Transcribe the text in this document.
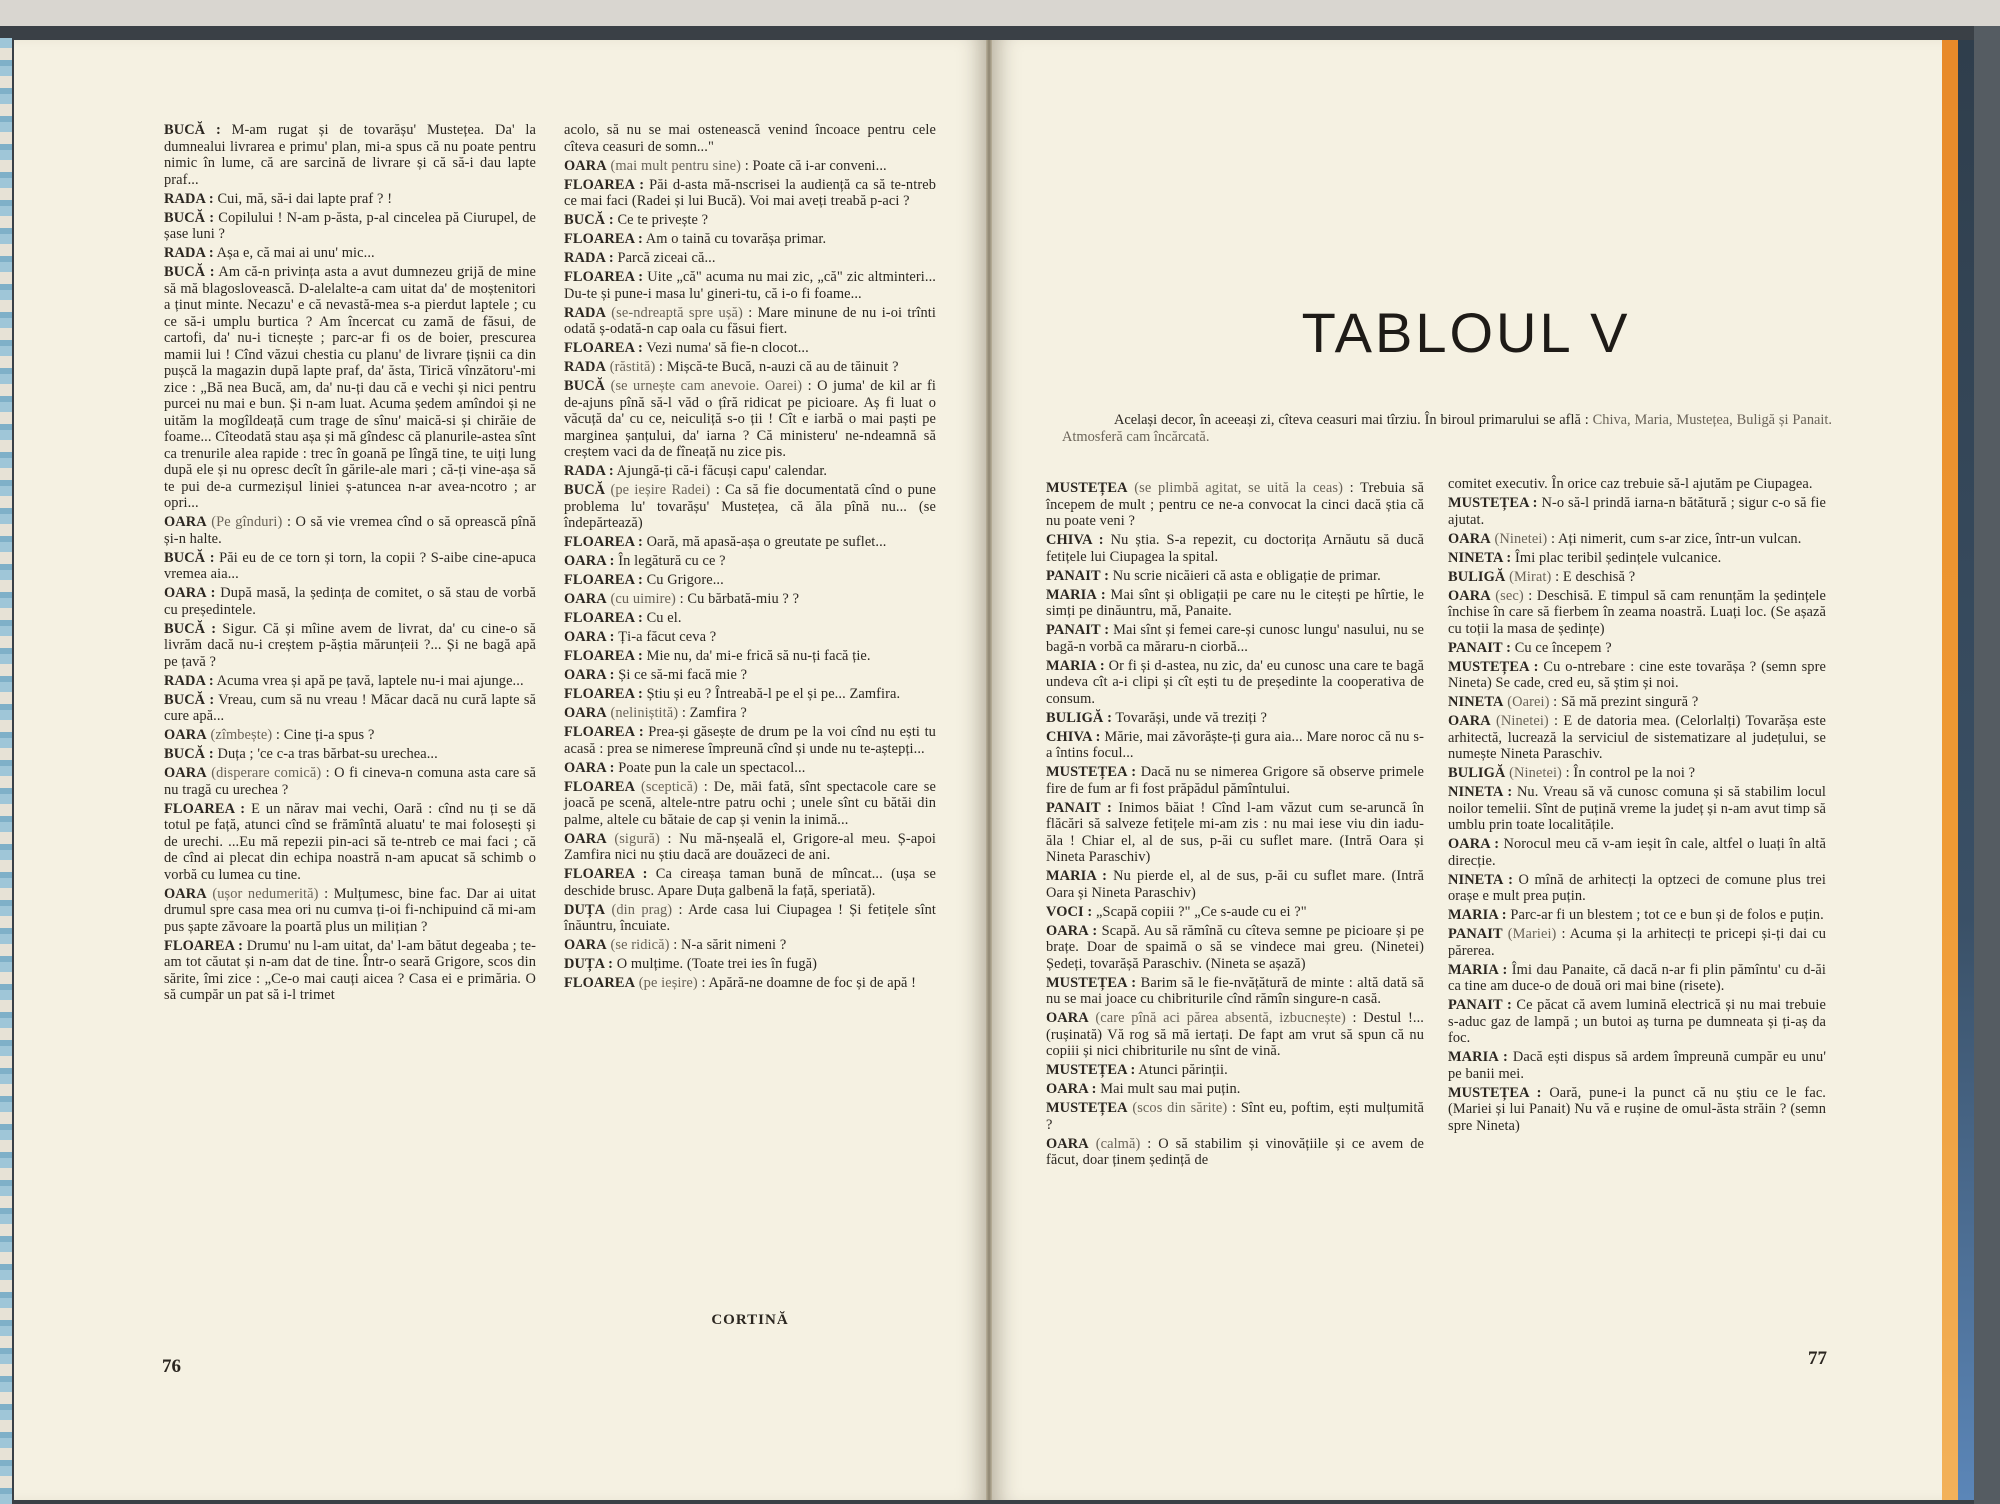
BUCĂ : M-am rugat și de tovarășu' Mustețea. Da' la dumnealui livrarea e primu' plan, mi-a spus că nu poate pentru nimic în lume, că are sarcină de livrare și că să-i dau lapte praf...
RADA : Cui, mă, să-i dai lapte praf ? !
BUCĂ : Copilului ! N-am p-ăsta, p-al cincelea pă Ciurupel, de șase luni ?
RADA : Așa e, că mai ai unu' mic...
BUCĂ : Am că-n privința asta a avut dumnezeu grijă de mine să mă blagoslovească. D-alelalte-a cam uitat da' de moștenitori a ținut minte. Necazu' e că nevastă-mea s-a pierdut laptele ; cu ce să-i umplu burtica ? Am încercat cu zamă de făsui, de cartofi, da' nu-i ticnește ; parc-ar fi os de boier, prescurea mamii lui ! Cînd văzui chestia cu planu' de livrare țișnii ca din pușcă la magazin după lapte praf, da' ăsta, Tirică vînzătoru'-mi zice : „Bă nea Bucă, am, da' nu-ți dau că e vechi și nici pentru purcei nu mai e bun. Și n-am luat. Acuma ședem amîndoi și ne uităm la mogîldeață cum trage de sînu' maică-si și chirăie de foame... Cîteodată stau așa și mă gîndesc că planurile-astea sînt ca trenurile alea rapide : trec în goană pe lîngă tine, te uiți lung după ele și nu opresc decît în gările-ale mari ; că-ți vine-așa să te pui de-a curmezișul liniei ș-atuncea n-ar avea-ncotro ; ar opri...
OARA (Pe gînduri) : O să vie vremea cînd o să oprească pînă și-n halte.
BUCĂ : Păi eu de ce torn și torn, la copii ? S-aibe cine-apuca vremea aia...
OARA : După masă, la ședința de comitet, o să stau de vorbă cu președintele.
BUCĂ : Sigur. Că și mîine avem de livrat, da' cu cine-o să livrăm dacă nu-i creștem p-ăștia mărunțeii ?... Și ne bagă apă pe țavă ?
RADA : Acuma vrea și apă pe țavă, laptele nu-i mai ajunge...
BUCĂ : Vreau, cum să nu vreau ! Măcar dacă nu cură lapte să cure apă...
OARA (zîmbește) : Cine ți-a spus ?
BUCĂ : Duța ; 'ce c-a tras bărbat-su urechea...
OARA (disperare comică) : O fi cineva-n comuna asta care să nu tragă cu urechea ?
FLOAREA : E un nărav mai vechi, Oară : cînd nu ți se dă totul pe față, atunci cînd se frămîntă aluatu' te mai folosești și de urechi. ...Eu mă repezii pin-aci să te-ntreb ce mai faci ; că de cînd ai plecat din echipa noastră n-am apucat să schimb o vorbă cu lumea cu tine.
OARA (ușor nedumerită) : Mulțumesc, bine fac. Dar ai uitat drumul spre casa mea ori nu cumva ți-oi fi-nchipuind că mi-am pus șapte zăvoare la poartă plus un milițian ?
FLOAREA : Drumu' nu l-am uitat, da' l-am bătut degeaba ; te-am tot căutat și n-am dat de tine. Într-o seară Grigore, scos din sărite, îmi zice : „Ce-o mai cauți aicea ? Casa ei e primăria. O să cumpăr un pat să i-l trimet
acolo, să nu se mai ostenească venind încoace pentru cele cîteva ceasuri de somn..."
OARA (mai mult pentru sine) : Poate că i-ar conveni...
FLOAREA : Păi d-asta mă-nscrisei la audiență ca să te-ntreb ce mai faci (Radei și lui Bucă). Voi mai aveți treabă p-aci ?
BUCĂ : Ce te privește ?
FLOAREA : Am o taină cu tovarășa primar.
RADA : Parcă ziceai că...
FLOAREA : Uite „că" acuma nu mai zic, „că" zic altminteri... Du-te și pune-i masa lu' gineri-tu, că i-o fi foame...
RADA (se-ndreaptă spre ușă) : Mare minune de nu i-oi trînti odată ș-odată-n cap oala cu făsui fiert.
FLOAREA : Vezi numa' să fie-n clocot...
RADA (răstită) : Mișcă-te Bucă, n-auzi că au de tăinuit ?
BUCĂ (se urnește cam anevoie. Oarei) : O juma' de kil ar fi de-ajuns pînă să-l văd o țîră ridicat pe picioare. Aș fi luat o văcuță da' cu ce, neiculiță s-o ții ! Cît e iarbă o mai paști pe marginea șanțului, da' iarna ? Că ministeru' ne-ndeamnă să creștem vaci da de fîneață nu zice pis.
RADA : Ajungă-ți că-i făcuși capu' calendar.
BUCĂ (pe ieșire Radei) : Ca să fie documentată cînd o pune problema lu' tovarășu' Mustețea, că ăla pînă nu... (se îndepărtează)
FLOAREA : Oară, mă apasă-așa o greutate pe suflet...
OARA : În legătură cu ce ?
FLOAREA : Cu Grigore...
OARA (cu uimire) : Cu bărbată-miu ? ?
FLOAREA : Cu el.
OARA : Ți-a făcut ceva ?
FLOAREA : Mie nu, da' mi-e frică să nu-ți facă ție.
OARA : Și ce să-mi facă mie ?
FLOAREA : Știu și eu ? Întreabă-l pe el și pe... Zamfira.
OARA (neliniștită) : Zamfira ?
FLOAREA : Prea-și găsește de drum pe la voi cînd nu ești tu acasă : prea se nimerese împreună cînd și unde nu te-aștepți...
OARA : Poate pun la cale un spectacol...
FLOAREA (sceptică) : De, măi fată, sînt spectacole care se joacă pe scenă, altele-ntre patru ochi ; unele sînt cu bătăi din palme, altele cu bătaie de cap și venin la inimă...
OARA (sigură) : Nu mă-nșeală el, Grigore-al meu. Ș-apoi Zamfira nici nu știu dacă are douăzeci de ani.
FLOAREA : Ca cireașa taman bună de mîncat... (ușa se deschide brusc. Apare Duța galbenă la față, speriată).
DUȚA (din prag) : Arde casa lui Ciupagea ! Și fetițele sînt înăuntru, încuiate.
OARA (se ridică) : N-a sărit nimeni ?
DUȚA : O mulțime. (Toate trei ies în fugă)
FLOAREA (pe ieșire) : Apără-ne doamne de foc și de apă !
CORTINĂ
76
TABLOUL V
Același decor, în aceeași zi, cîteva ceasuri mai tîrziu. În biroul primarului se află : Chiva, Maria, Mustețea, Buligă și Panait. Atmosferă cam încărcată.
MUSTEȚEA (se plimbă agitat, se uită la ceas) : Trebuia să începem de mult ; pentru ce ne-a convocat la cinci dacă știa că nu poate veni ?
CHIVA : Nu știa. S-a repezit, cu doctorița Arnăutu să ducă fetițele lui Ciupagea la spital.
PANAIT : Nu scrie nicăieri că asta e obligație de primar.
MARIA : Mai sînt și obligații pe care nu le citești pe hîrtie, le simți pe dinăuntru, mă, Panaite.
PANAIT : Mai sînt și femei care-și cunosc lungu' nasului, nu se bagă-n vorbă ca măraru-n ciorbă...
MARIA : Or fi și d-astea, nu zic, da' eu cunosc una care te bagă undeva cît a-i clipi și cît ești tu de președinte la cooperativa de consum.
BULIGĂ : Tovarăși, unde vă treziți ?
CHIVA : Mărie, mai zăvorăște-ți gura aia... Mare noroc că nu s-a întins focul...
MUSTEȚEA : Dacă nu se nimerea Grigore să observe primele fire de fum ar fi fost prăpădul pămîntului.
PANAIT : Inimos băiat ! Cînd l-am văzut cum se-aruncă în flăcări să salveze fetițele mi-am zis : nu mai iese viu din iadu-ăla ! Chiar el, al de sus, p-ăi cu suflet mare. (Intră Oara și Nineta Paraschiv)
MARIA : Nu pierde el, al de sus, p-ăi cu suflet mare. (Intră Oara și Nineta Paraschiv)
VOCI : „Scapă copiii ?" „Ce s-aude cu ei ?"
OARA : Scapă. Au să rămînă cu cîteva semne pe picioare și pe brațe. Doar de spaimă o să se vindece mai greu. (Ninetei) Ședeți, tovarășă Paraschiv. (Nineta se așază)
MUSTEȚEA : Barim să le fie-nvățătură de minte : altă dată să nu se mai joace cu chibriturile cînd rămîn singure-n casă.
OARA (care pînă aci părea absentă, izbucnește) : Destul !... (rușinată) Vă rog să mă iertați. De fapt am vrut să spun că nu copiii și nici chibriturile nu sînt de vină.
MUSTEȚEA : Atunci părinții.
OARA : Mai mult sau mai puțin.
MUSTEȚEA (scos din sărite) : Sînt eu, poftim, ești mulțumită ?
OARA (calmă) : O să stabilim și vinovățiile și ce avem de făcut, doar ținem ședință de
comitet executiv. În orice caz trebuie să-l ajutăm pe Ciupagea.
MUSTEȚEA : N-o să-l prindă iarna-n bătătură ; sigur c-o să fie ajutat.
OARA (Ninetei) : Ați nimerit, cum s-ar zice, într-un vulcan.
NINETA : Îmi plac teribil ședințele vulcanice.
BULIGĂ (Mirat) : E deschisă ?
OARA (sec) : Deschisă. E timpul să cam renunțăm la ședințele închise în care să fierbem în zeama noastră. Luați loc. (Se așază cu toții la masa de ședințe)
PANAIT : Cu ce începem ?
MUSTEȚEA : Cu o-ntrebare : cine este tovarășa ? (semn spre Nineta) Se cade, cred eu, să știm și noi.
NINETA (Oarei) : Să mă prezint singură ?
OARA (Ninetei) : E de datoria mea. (Celorlalți) Tovarășa este arhitectă, lucrează la serviciul de sistematizare al județului, se numește Nineta Paraschiv.
BULIGĂ (Ninetei) : În control pe la noi ?
NINETA : Nu. Vreau să vă cunosc comuna și să stabilim locul noilor temelii. Sînt de puțină vreme la județ și n-am avut timp să umblu prin toate localitățile.
OARA : Norocul meu că v-am ieșit în cale, altfel o luați în altă direcție.
NINETA : O mînă de arhitecți la optzeci de comune plus trei orașe e mult prea puțin.
MARIA : Parc-ar fi un blestem ; tot ce e bun și de folos e puțin.
PANAIT (Mariei) : Acuma și la arhitecți te pricepi și-ți dai cu părerea.
MARIA : Îmi dau Panaite, că dacă n-ar fi plin pămîntu' cu d-ăi ca tine am duce-o de două ori mai bine (risete).
PANAIT : Ce păcat că avem lumină electrică și nu mai trebuie s-aduc gaz de lampă ; un butoi aș turna pe dumneata și ți-aș da foc.
MARIA : Dacă ești dispus să ardem împreună cumpăr eu unu' pe banii mei.
MUSTEȚEA : Oară, pune-i la punct că nu știu ce le fac. (Mariei și lui Panait) Nu vă e rușine de omul-ăsta străin ? (semn spre Nineta)
77
